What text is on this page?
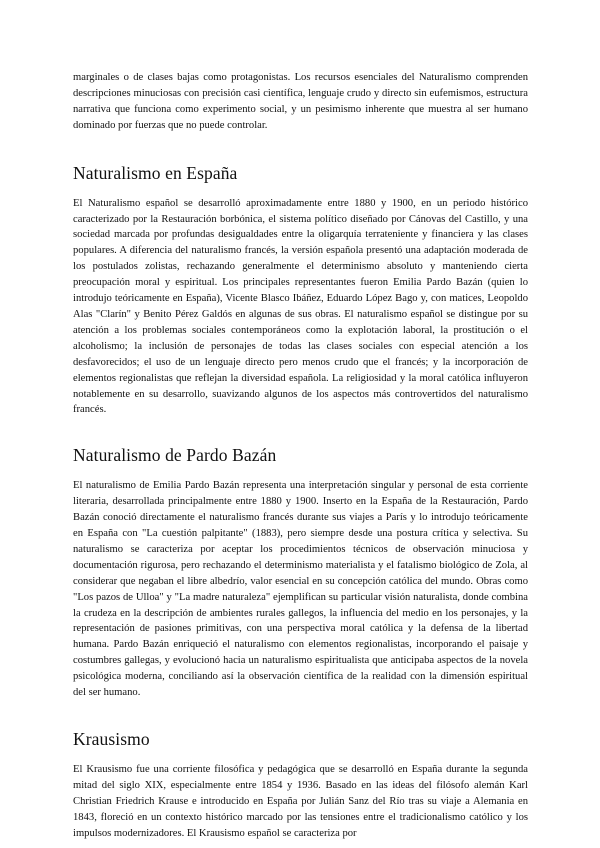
marginales o de clases bajas como protagonistas. Los recursos esenciales del Naturalismo comprenden descripciones minuciosas con precisión casi científica, lenguaje crudo y directo sin eufemismos, estructura narrativa que funciona como experimento social, y un pesimismo inherente que muestra al ser humano dominado por fuerzas que no puede controlar.

Naturalismo en España

El Naturalismo español se desarrolló aproximadamente entre 1880 y 1900, en un periodo histórico caracterizado por la Restauración borbónica, el sistema político diseñado por Cánovas del Castillo, y una sociedad marcada por profundas desigualdades entre la oligarquía terrateniente y financiera y las clases populares. A diferencia del naturalismo francés, la versión española presentó una adaptación moderada de los postulados zolistas, rechazando generalmente el determinismo absoluto y manteniendo cierta preocupación moral y espiritual. Los principales representantes fueron Emilia Pardo Bazán (quien lo introdujo teóricamente en España), Vicente Blasco Ibáñez, Eduardo López Bago y, con matices, Leopoldo Alas "Clarín" y Benito Pérez Galdós en algunas de sus obras. El naturalismo español se distingue por su atención a los problemas sociales contemporáneos como la explotación laboral, la prostitución o el alcoholismo; la inclusión de personajes de todas las clases sociales con especial atención a los desfavorecidos; el uso de un lenguaje directo pero menos crudo que el francés; y la incorporación de elementos regionalistas que reflejan la diversidad española. La religiosidad y la moral católica influyeron notablemente en su desarrollo, suavizando algunos de los aspectos más controvertidos del naturalismo francés.

Naturalismo de Pardo Bazán

El naturalismo de Emilia Pardo Bazán representa una interpretación singular y personal de esta corriente literaria, desarrollada principalmente entre 1880 y 1900. Inserto en la España de la Restauración, Pardo Bazán conoció directamente el naturalismo francés durante sus viajes a París y lo introdujo teóricamente en España con "La cuestión palpitante" (1883), pero siempre desde una postura crítica y selectiva. Su naturalismo se caracteriza por aceptar los procedimientos técnicos de observación minuciosa y documentación rigurosa, pero rechazando el determinismo materialista y el fatalismo biológico de Zola, al considerar que negaban el libre albedrío, valor esencial en su concepción católica del mundo. Obras como "Los pazos de Ulloa" y "La madre naturaleza" ejemplifican su particular visión naturalista, donde combina la crudeza en la descripción de ambientes rurales gallegos, la influencia del medio en los personajes, y la representación de pasiones primitivas, con una perspectiva moral católica y la defensa de la libertad humana. Pardo Bazán enriqueció el naturalismo con elementos regionalistas, incorporando el paisaje y costumbres gallegas, y evolucionó hacia un naturalismo espiritualista que anticipaba aspectos de la novela psicológica moderna, conciliando así la observación científica de la realidad con la dimensión espiritual del ser humano.

Krausismo

El Krausismo fue una corriente filosófica y pedagógica que se desarrolló en España durante la segunda mitad del siglo XIX, especialmente entre 1854 y 1936. Basado en las ideas del filósofo alemán Karl Christian Friedrich Krause e introducido en España por Julián Sanz del Río tras su viaje a Alemania en 1843, floreció en un contexto histórico marcado por las tensiones entre el tradicionalismo católico y los impulsos modernizadores. El Krausismo español se caracteriza por
